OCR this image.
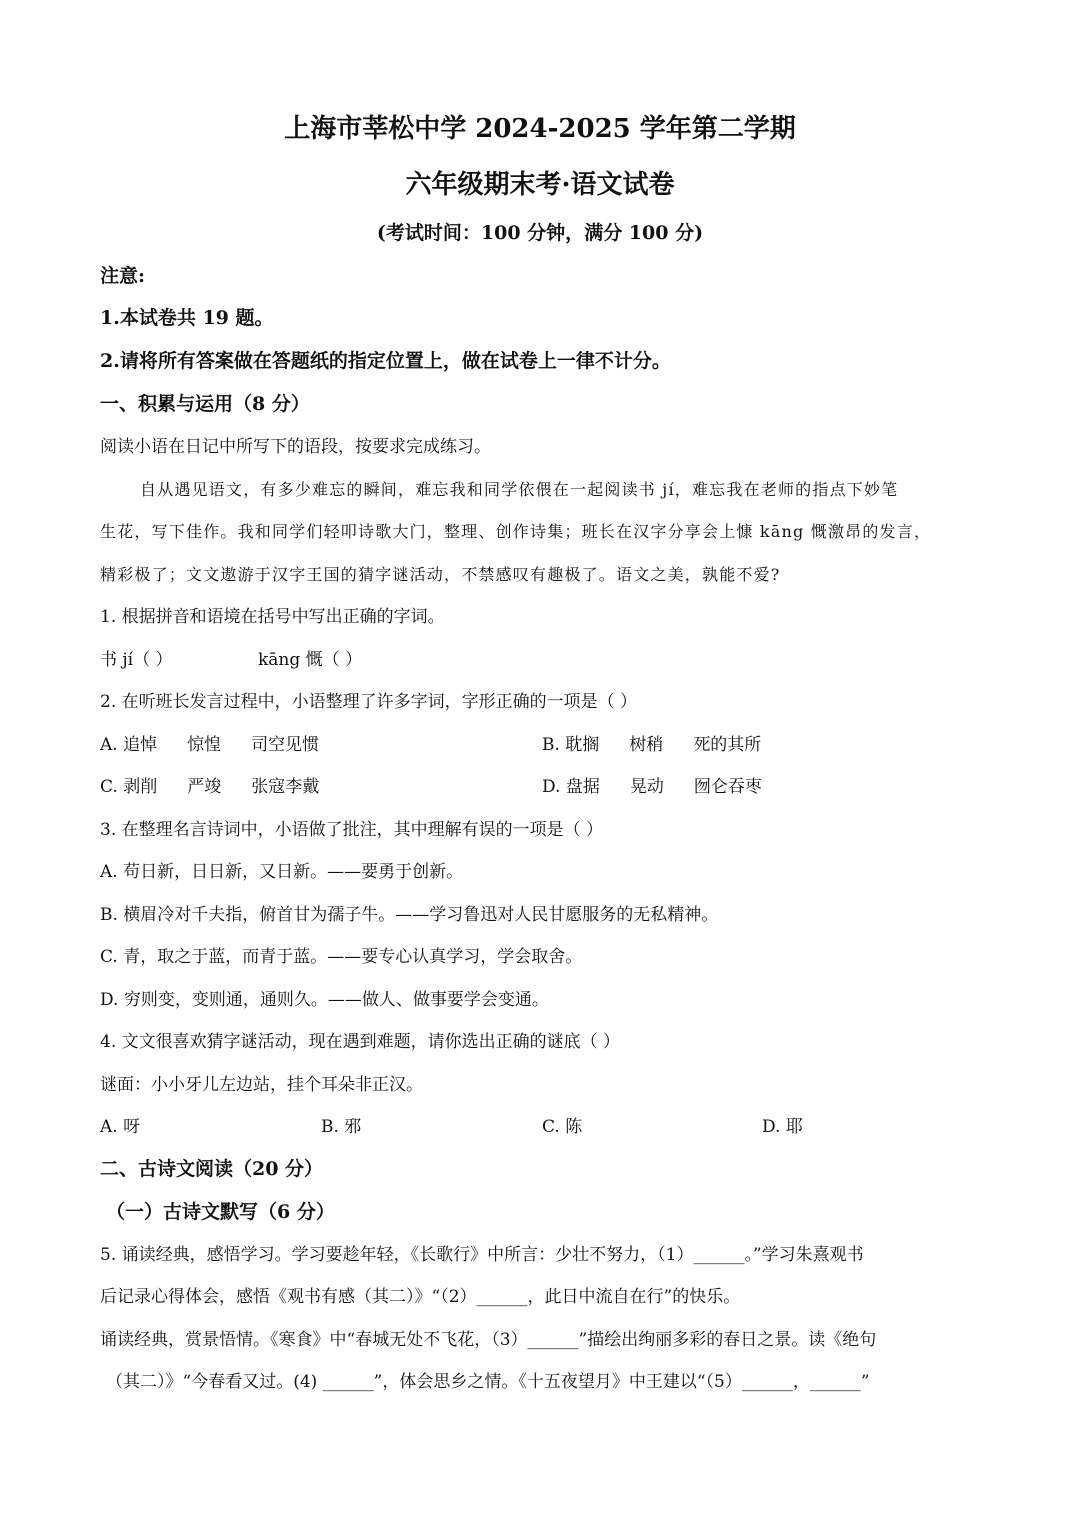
上海市莘松中学 2024-2025 学年第二学期
六年级期末考·语文试卷
(考试时间：100 分钟，满分 100 分)
注意:
1.本试卷共 19 题。
2.请将所有答案做在答题纸的指定位置上，做在试卷上一律不计分。
一、积累与运用（8 分）
阅读小语在日记中所写下的语段，按要求完成练习。
自从遇见语文，有多少难忘的瞬间，难忘我和同学依偎在一起阅读书 jí，难忘我在老师的指点下妙笔
生花，写下佳作。我和同学们轻叩诗歌大门，整理、创作诗集；班长在汉字分享会上慷 kāng 慨激昂的发言，
精彩极了；文文遨游于汉字王国的猜字谜活动，不禁感叹有趣极了。语文之美，孰能不爱?
1. 根据拼音和语境在括号中写出正确的字词。
书 jí（ ）	kāng 慨（ ）
2. 在听班长发言过程中，小语整理了许多字词，字形正确的一项是（ ）
A. 追悼 惊惶 司空见惯	B. 耽搁 树稍 死的其所
C. 剥削 严竣 张寇李戴	D. 盘据 晃动 囫仑吞枣
3. 在整理名言诗词中，小语做了批注，其中理解有误的一项是（ ）
A. 苟日新，日日新，又日新。——要勇于创新。
B. 横眉冷对千夫指，俯首甘为孺子牛。——学习鲁迅对人民甘愿服务的无私精神。
C. 青，取之于蓝，而青于蓝。——要专心认真学习，学会取舍。
D. 穷则变，变则通，通则久。——做人、做事要学会变通。
4. 文文很喜欢猜字谜活动，现在遇到难题，请你选出正确的谜底（ ）
谜面：小小牙儿左边站，挂个耳朵非正汉。
A. 呀	B. 邪	C. 陈	D. 耶
二、古诗文阅读（20 分）
（一）古诗文默写（6 分）
5. 诵读经典，感悟学习。学习要趁年轻，《长歌行》中所言：少壮不努力，（1）______。”学习朱熹观书
后记录心得体会，感悟《观书有感（其二）》“（2）______，此日中流自在行”的快乐。
诵读经典，赏景悟情。《寒食》中“春城无处不飞花，（3）______”描绘出绚丽多彩的春日之景。读《绝句
（其二）》“今春看又过。(4) ______”，体会思乡之情。《十五夜望月》中王建以“（5）______，______”
